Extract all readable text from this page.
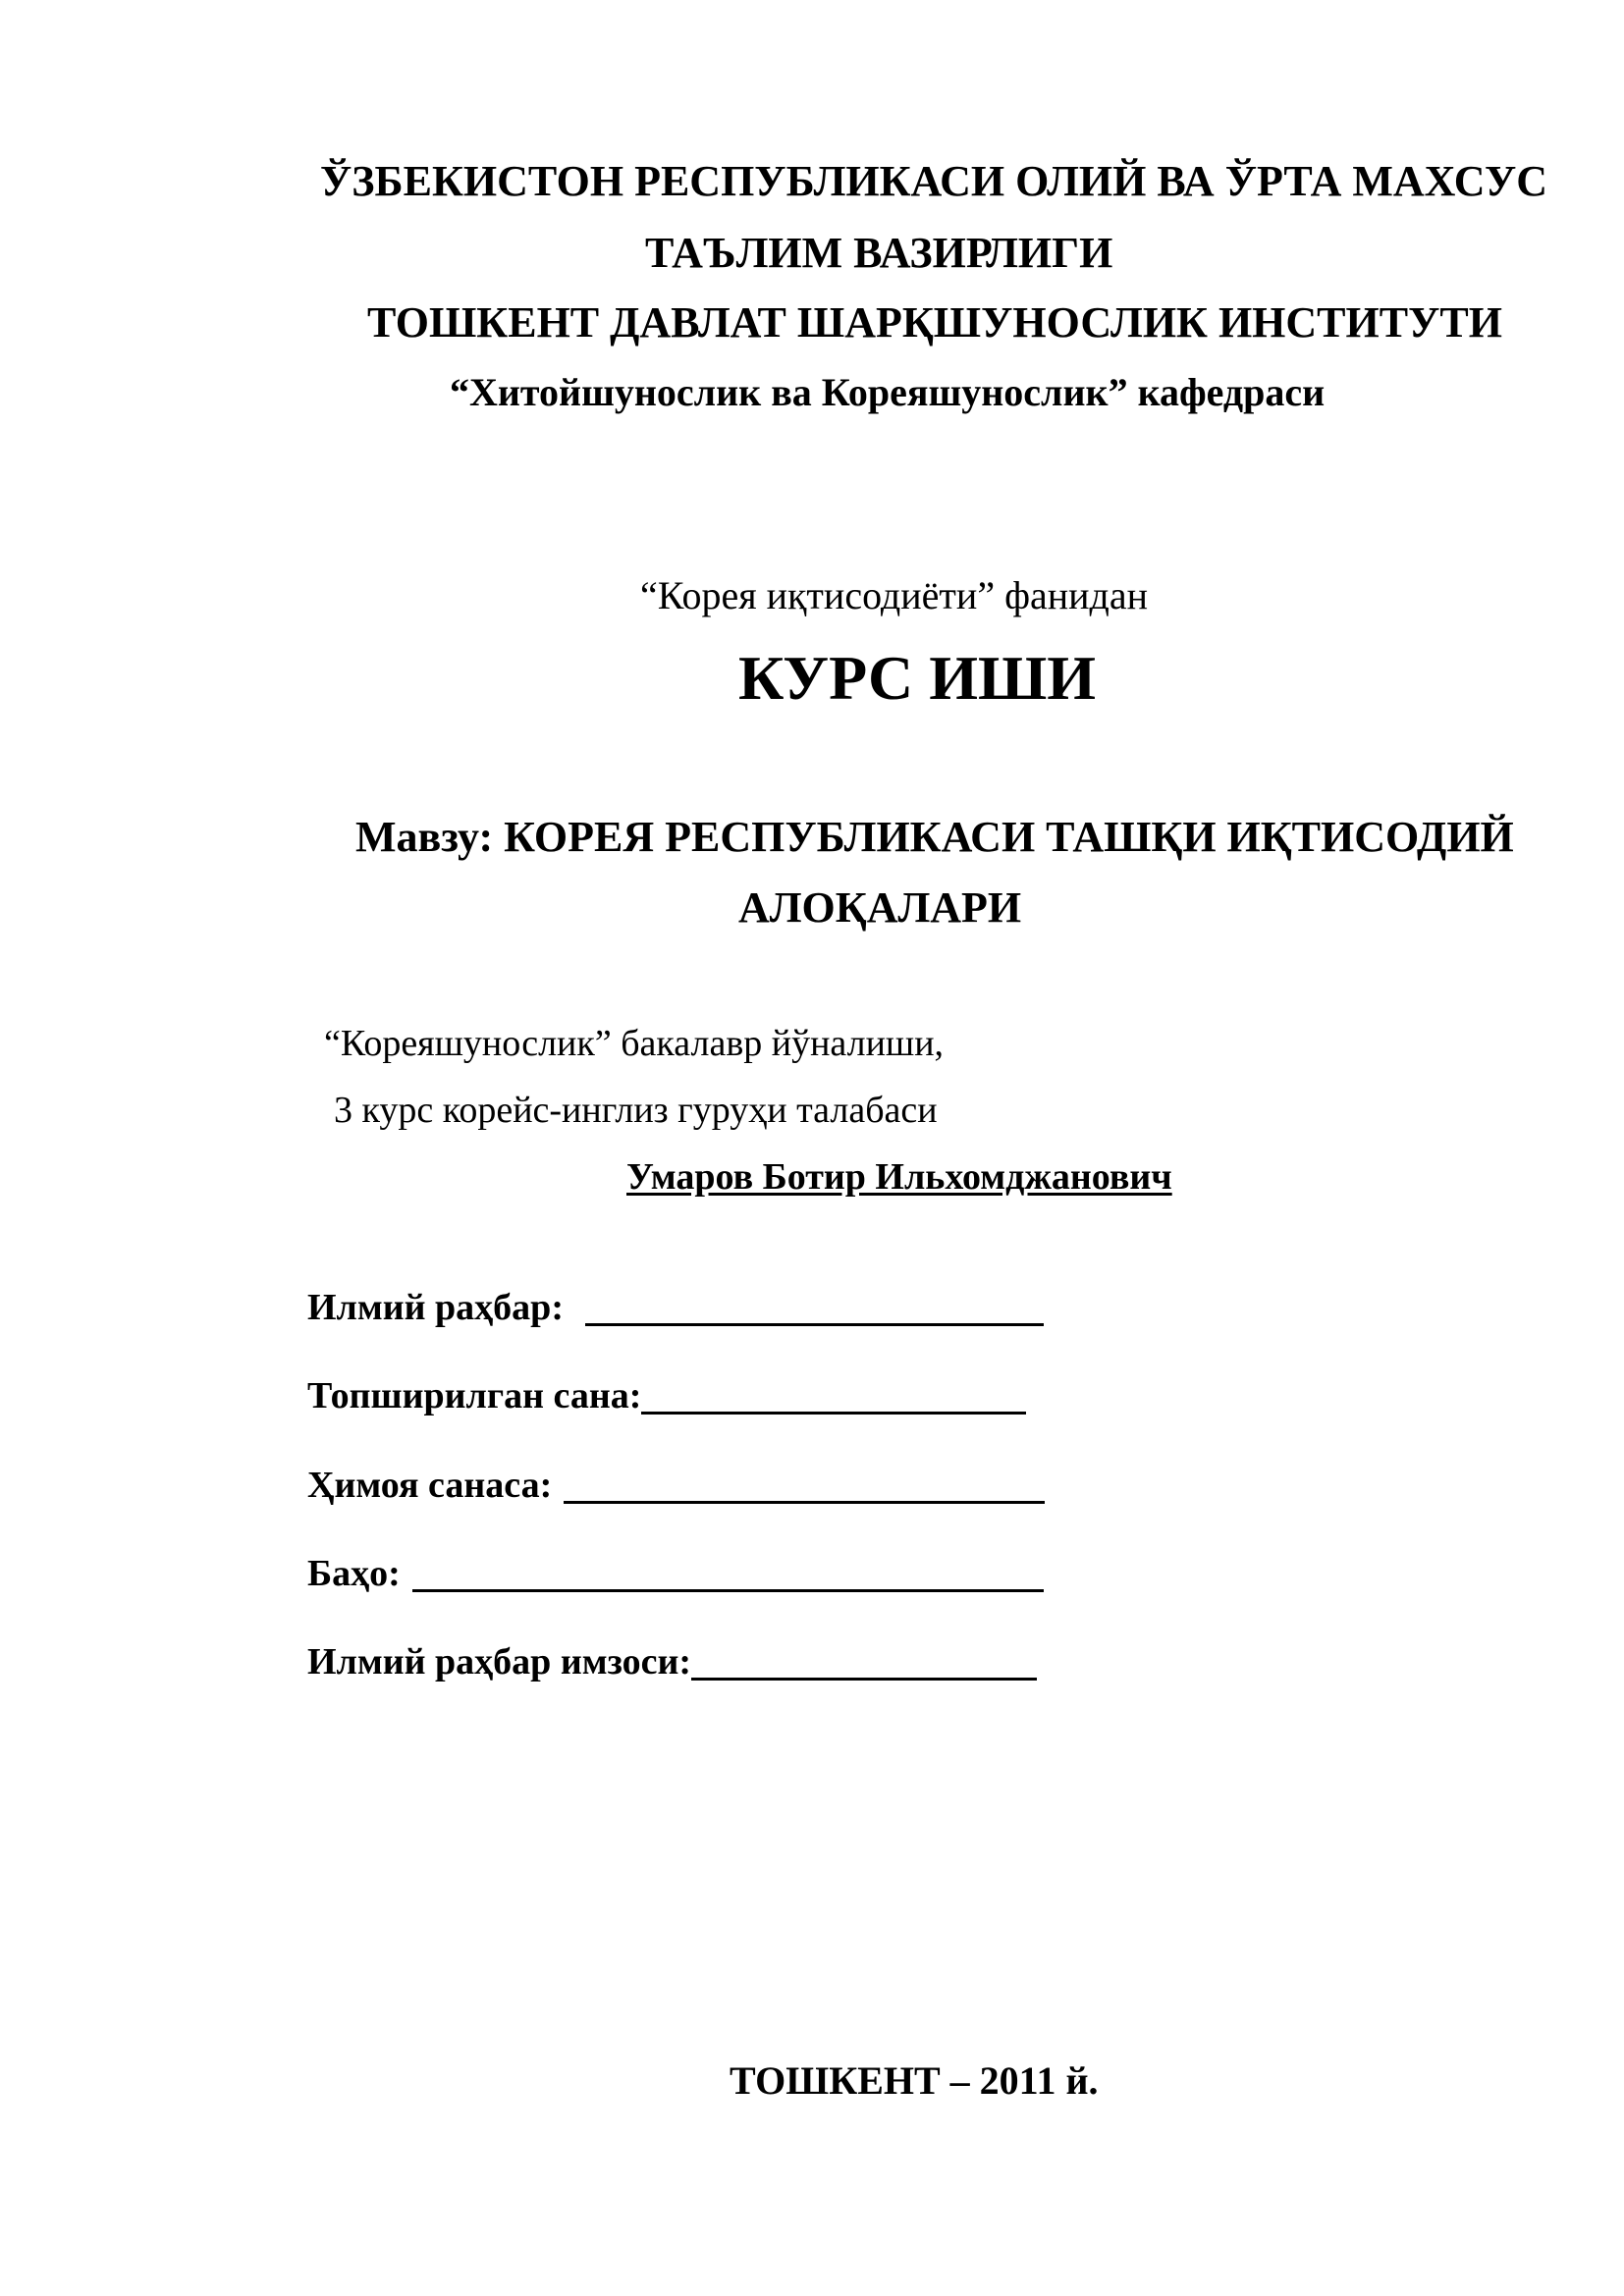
ЎЗБЕКИСТОН РЕСПУБЛИКАСИ ОЛИЙ ВА ЎРТА МАХСУС
ТАЪЛИМ ВАЗИРЛИГИ
ТОШКЕНТ ДАВЛАТ ШАРҚШУНОСЛИК ИНСТИТУТИ
“Хитойшунослик ва Кореяшунослик” кафедраси
“Корея иқтисодиёти” фанидан
КУРС ИШИ
Мавзу: КОРЕЯ РЕСПУБЛИКАСИ ТАШҚИ ИҚТИСОДИЙ
АЛОҚАЛАРИ
“Кореяшунослик” бакалавр йўналиши,
3 курс корейс-инглиз гуруҳи талабаси
Умаров Ботир Ильхомджанович
Илмий раҳбар:
Топширилган сана:
Ҳимоя санаса:
Баҳо:
Илмий раҳбар имзоси:
ТОШКЕНТ – 2011 й.
